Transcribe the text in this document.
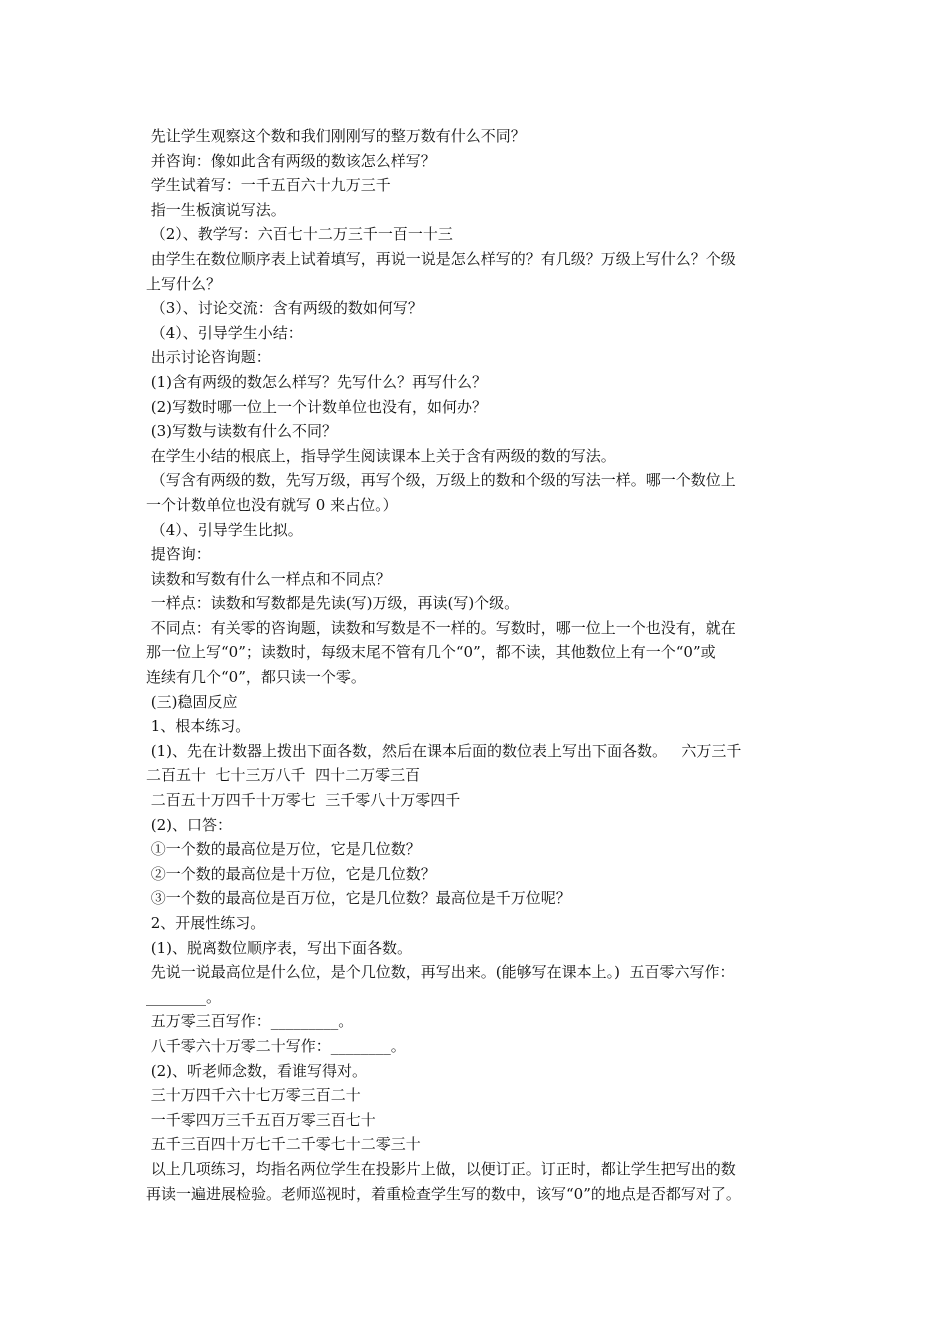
先让学生观察这个数和我们刚刚写的整万数有什么不同？
并咨询：像如此含有两级的数该怎么样写？
学生试着写：一千五百六十九万三千
指一生板演说写法。
（2）、教学写：六百七十二万三千一百一十三
由学生在数位顺序表上试着填写，再说一说是怎么样写的？有几级？万级上写什么？个级
上写什么？
（3）、讨论交流：含有两级的数如何写？
（4）、引导学生小结：
出示讨论咨询题：
(1)含有两级的数怎么样写？先写什么？再写什么？
(2)写数时哪一位上一个计数单位也没有，如何办？
(3)写数与读数有什么不同？
在学生小结的根底上，指导学生阅读课本上关于含有两级的数的写法。
（写含有两级的数，先写万级，再写个级，万级上的数和个级的写法一样。哪一个数位上
一个计数单位也没有就写 0 来占位。）
（4）、引导学生比拟。
提咨询：
读数和写数有什么一样点和不同点？
一样点：读数和写数都是先读(写)万级，再读(写)个级。
不同点：有关零的咨询题，读数和写数是不一样的。写数时，哪一位上一个也没有，就在
那一位上写“0”；读数时，每级末尾不管有几个“0”，都不读，其他数位上有一个“0”或
连续有几个“0”，都只读一个零。
(三)稳固反应
1、根本练习。
(1)、先在计数器上拨出下面各数，然后在课本后面的数位表上写出下面各数。   六万三千
二百五十  七十三万八千  四十二万零三百
二百五十万四千十万零七  三千零八十万零四千
(2)、口答：
①一个数的最高位是万位，它是几位数？
②一个数的最高位是十万位，它是几位数？
③一个数的最高位是百万位，它是几位数？最高位是千万位呢？
2、开展性练习。
(1)、脱离数位顺序表，写出下面各数。
先说一说最高位是什么位，是个几位数，再写出来。(能够写在课本上。)  五百零六写作：
________。
五万零三百写作：_________。
八千零六十万零二十写作：________。
(2)、听老师念数，看谁写得对。
三十万四千六十七万零三百二十
一千零四万三千五百万零三百七十
五千三百四十万七千二千零七十二零三十
以上几项练习，均指名两位学生在投影片上做，以便订正。订正时，都让学生把写出的数
再读一遍进展检验。老师巡视时，着重检查学生写的数中，该写“0”的地点是否都写对了。
